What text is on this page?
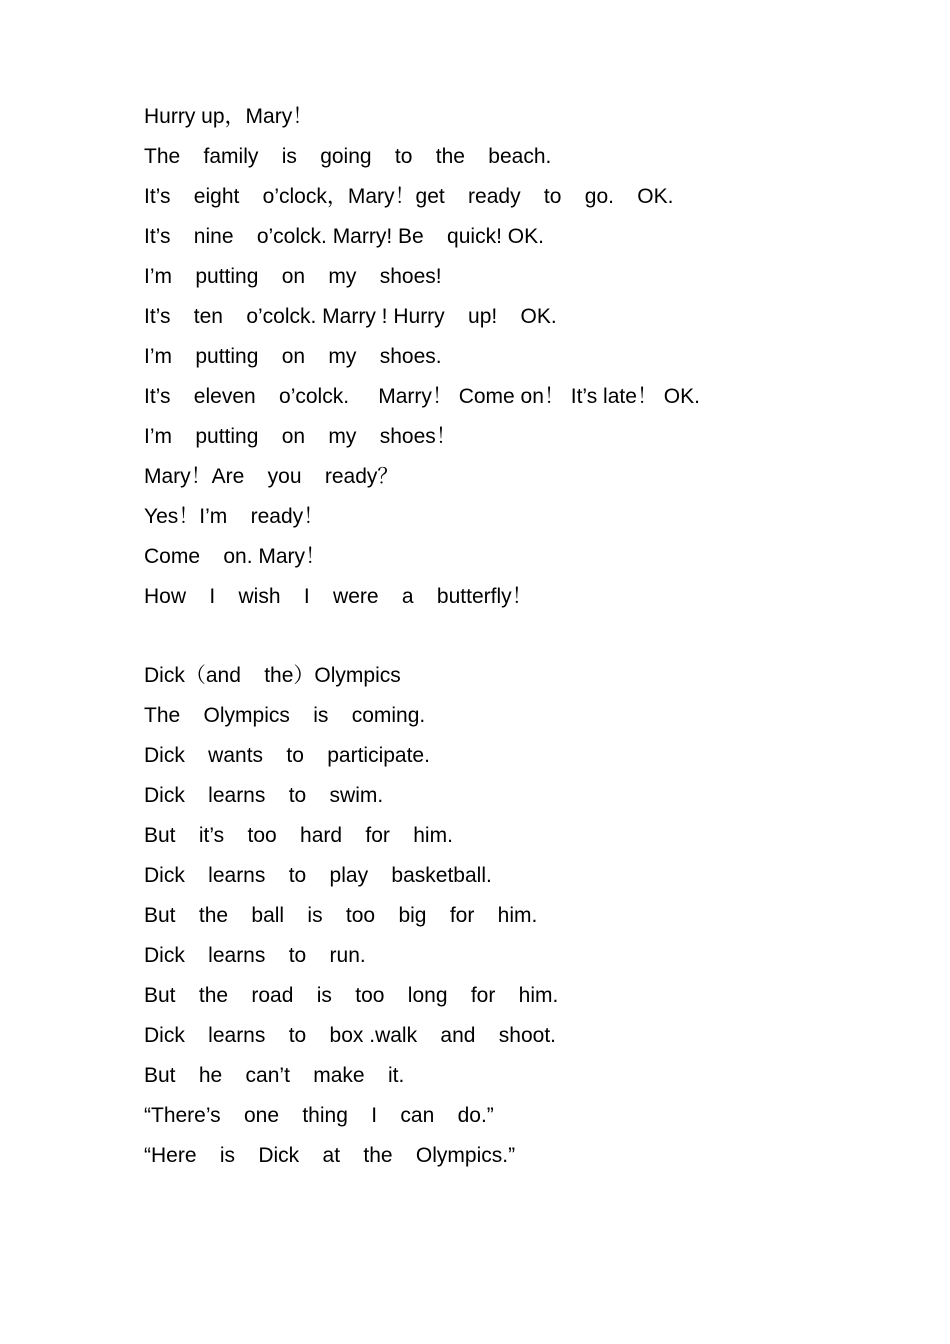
Hurry up，Mary！
The    family    is    going    to    the    beach.
It’s    eight    o’clock，Mary！get    ready    to    go.    OK.
It’s    nine    o’colck. Marry! Be    quick! OK.
I’m    putting    on    my    shoes!
It’s    ten    o’colck. Marry ! Hurry    up!    OK.
I’m    putting    on    my    shoes.
It’s    eleven    o’colck.     Marry！ Come on！ It’s late！ OK.
I’m    putting    on    my    shoes！
Mary！Are    you    ready？
Yes！I’m    ready！
Come    on. Mary！
How    I    wish    I    were    a    butterfly！
Dick（and    the）Olympics
The    Olympics    is    coming.
Dick    wants    to    participate.
Dick    learns    to    swim.
But    it’s    too    hard    for    him.
Dick    learns    to    play    basketball.
But    the    ball    is    too    big    for    him.
Dick    learns    to    run.
But    the    road    is    too    long    for    him.
Dick    learns    to    box .walk    and    shoot.
But    he    can’t    make    it.
“There’s    one    thing    I    can    do.”
“Here    is    Dick    at    the    Olympics.”
